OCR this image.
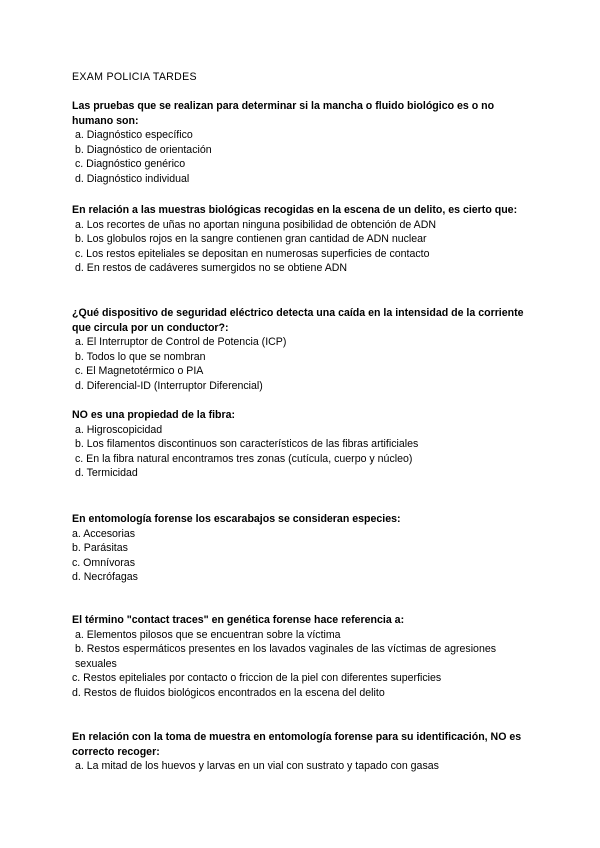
EXAM POLICIA TARDES
Las pruebas que se realizan para determinar si la mancha o fluido biológico es o no humano son:
a. Diagnóstico específico
b. Diagnóstico de orientación
c. Diagnóstico genérico
d. Diagnóstico individual
En relación a las muestras biológicas recogidas en la escena de un delito, es cierto que:
a. Los recortes de uñas no aportan ninguna posibilidad de obtención de ADN
b. Los globulos rojos en la sangre contienen gran cantidad de ADN nuclear
c. Los restos epiteliales se depositan en numerosas superficies de contacto
d. En restos de cadáveres sumergidos no se obtiene ADN
¿Qué dispositivo de seguridad eléctrico detecta una caída en la intensidad de la corriente que circula por un conductor?:
a. El Interruptor de Control de Potencia (ICP)
b. Todos lo que se nombran
c. El Magnetotérmico o PIA
d. Diferencial-ID (Interruptor Diferencial)
NO es una propiedad de la fibra:
a. Higroscopicidad
b. Los filamentos discontinuos son característicos de las fibras artificiales
c. En la fibra natural encontramos tres zonas (cutícula, cuerpo y núcleo)
d. Termicidad
En entomología forense los escarabajos se consideran especies:
a. Accesorias
b. Parásitas
c. Omnívoras
d. Necrófagas
El término "contact traces" en genética forense hace referencia a:
a. Elementos pilosos que se encuentran sobre la víctima
b. Restos espermáticos presentes en los lavados vaginales de las víctimas de agresiones sexuales
c. Restos epiteliales por contacto o friccion de la piel con diferentes superficies
d. Restos de fluidos biológicos encontrados en la escena del delito
En relación con la toma de muestra en entomología forense para su identificación, NO es correcto recoger:
a. La mitad de los huevos y larvas en un vial con sustrato y tapado con gasas
